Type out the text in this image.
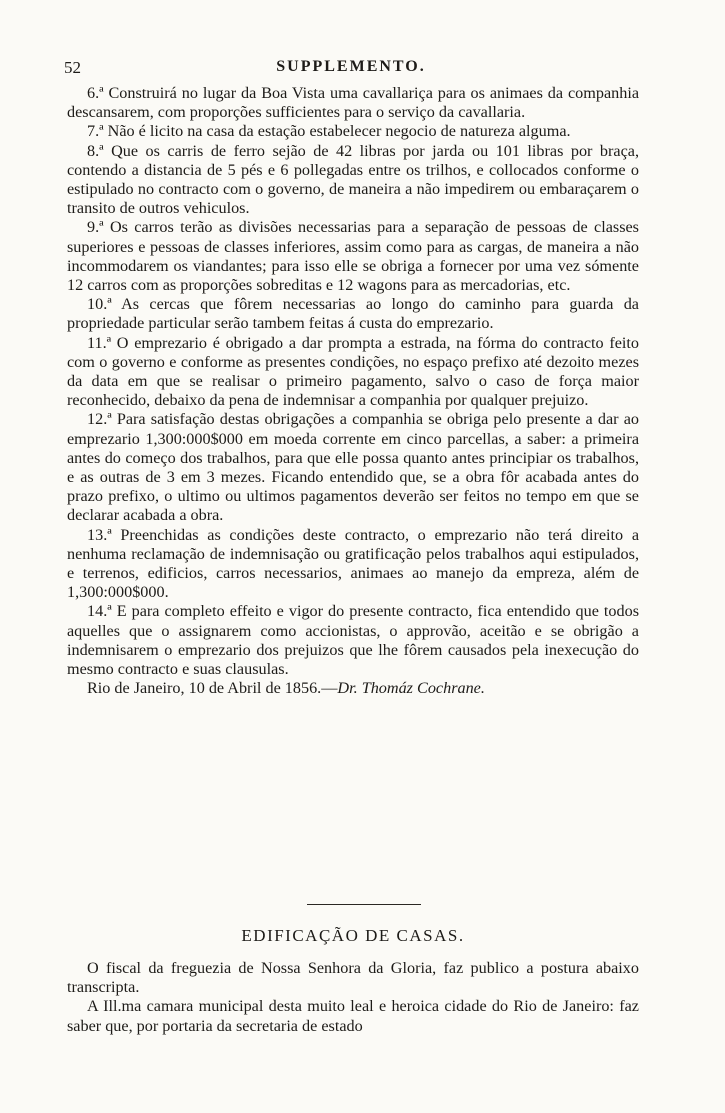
52	SUPPLEMENTO.

6.ª Construirá no lugar da Boa Vista uma cavallariça para os animaes da companhia descansarem, com proporções sufficientes para o serviço da cavallaria.

7.ª Não é licito na casa da estação estabelecer negocio de natureza alguma.

8.ª Que os carris de ferro sejão de 42 libras por jarda ou 101 libras por braça, contendo a distancia de 5 pés e 6 pollegadas entre os trilhos, e collocados conforme o estipulado no contracto com o governo, de maneira a não impedirem ou embaraçarem o transito de outros vehiculos.

9.ª Os carros terão as divisões necessarias para a separação de pessoas de classes superiores e pessoas de classes inferiores, assim como para as cargas, de maneira a não incommodarem os viandantes; para isso elle se obriga a fornecer por uma vez sómente 12 carros com as proporções sobreditas e 12 wagons para as mercadorias, etc.

10.ª As cercas que fôrem necessarias ao longo do caminho para guarda da propriedade particular serão tambem feitas á custa do emprezario.

11.ª O emprezario é obrigado a dar prompta a estrada, na fórma do contracto feito com o governo e conforme as presentes condições, no espaço prefixo até dezoito mezes da data em que se realisar o primeiro pagamento, salvo o caso de força maior reconhecido, debaixo da pena de indemnisar a companhia por qualquer prejuizo.

12.ª Para satisfação destas obrigações a companhia se obriga pelo presente a dar ao emprezario 1,300:000$000 em moeda corrente em cinco parcellas, a saber: a primeira antes do começo dos trabalhos, para que elle possa quanto antes principiar os trabalhos, e as outras de 3 em 3 mezes. Ficando entendido que, se a obra fôr acabada antes do prazo prefixo, o ultimo ou ultimos pagamentos deverão ser feitos no tempo em que se declarar acabada a obra.

13.ª Preenchidas as condições deste contracto, o emprezario não terá direito a nenhuma reclamação de indemnisação ou gratificação pelos trabalhos aqui estipulados, e terrenos, edificios, carros necessarios, animaes ao manejo da empreza, além de 1,300:000$000.

14.ª E para completo effeito e vigor do presente contracto, fica entendido que todos aquelles que o assignarem como accionistas, o approvão, aceitão e se obrigão a indemnisarem o emprezario dos prejuizos que lhe fôrem causados pela inexecução do mesmo contracto e suas clausulas.

Rio de Janeiro, 10 de Abril de 1856.—Dr. Thomáz Cochrane.

EDIFICAÇÃO DE CASAS.

O fiscal da freguezia de Nossa Senhora da Gloria, faz publico a postura abaixo transcripta.

A Ill.ma camara municipal desta muito leal e heroica cidade do Rio de Janeiro: faz saber que, por portaria da secretaria de estado
